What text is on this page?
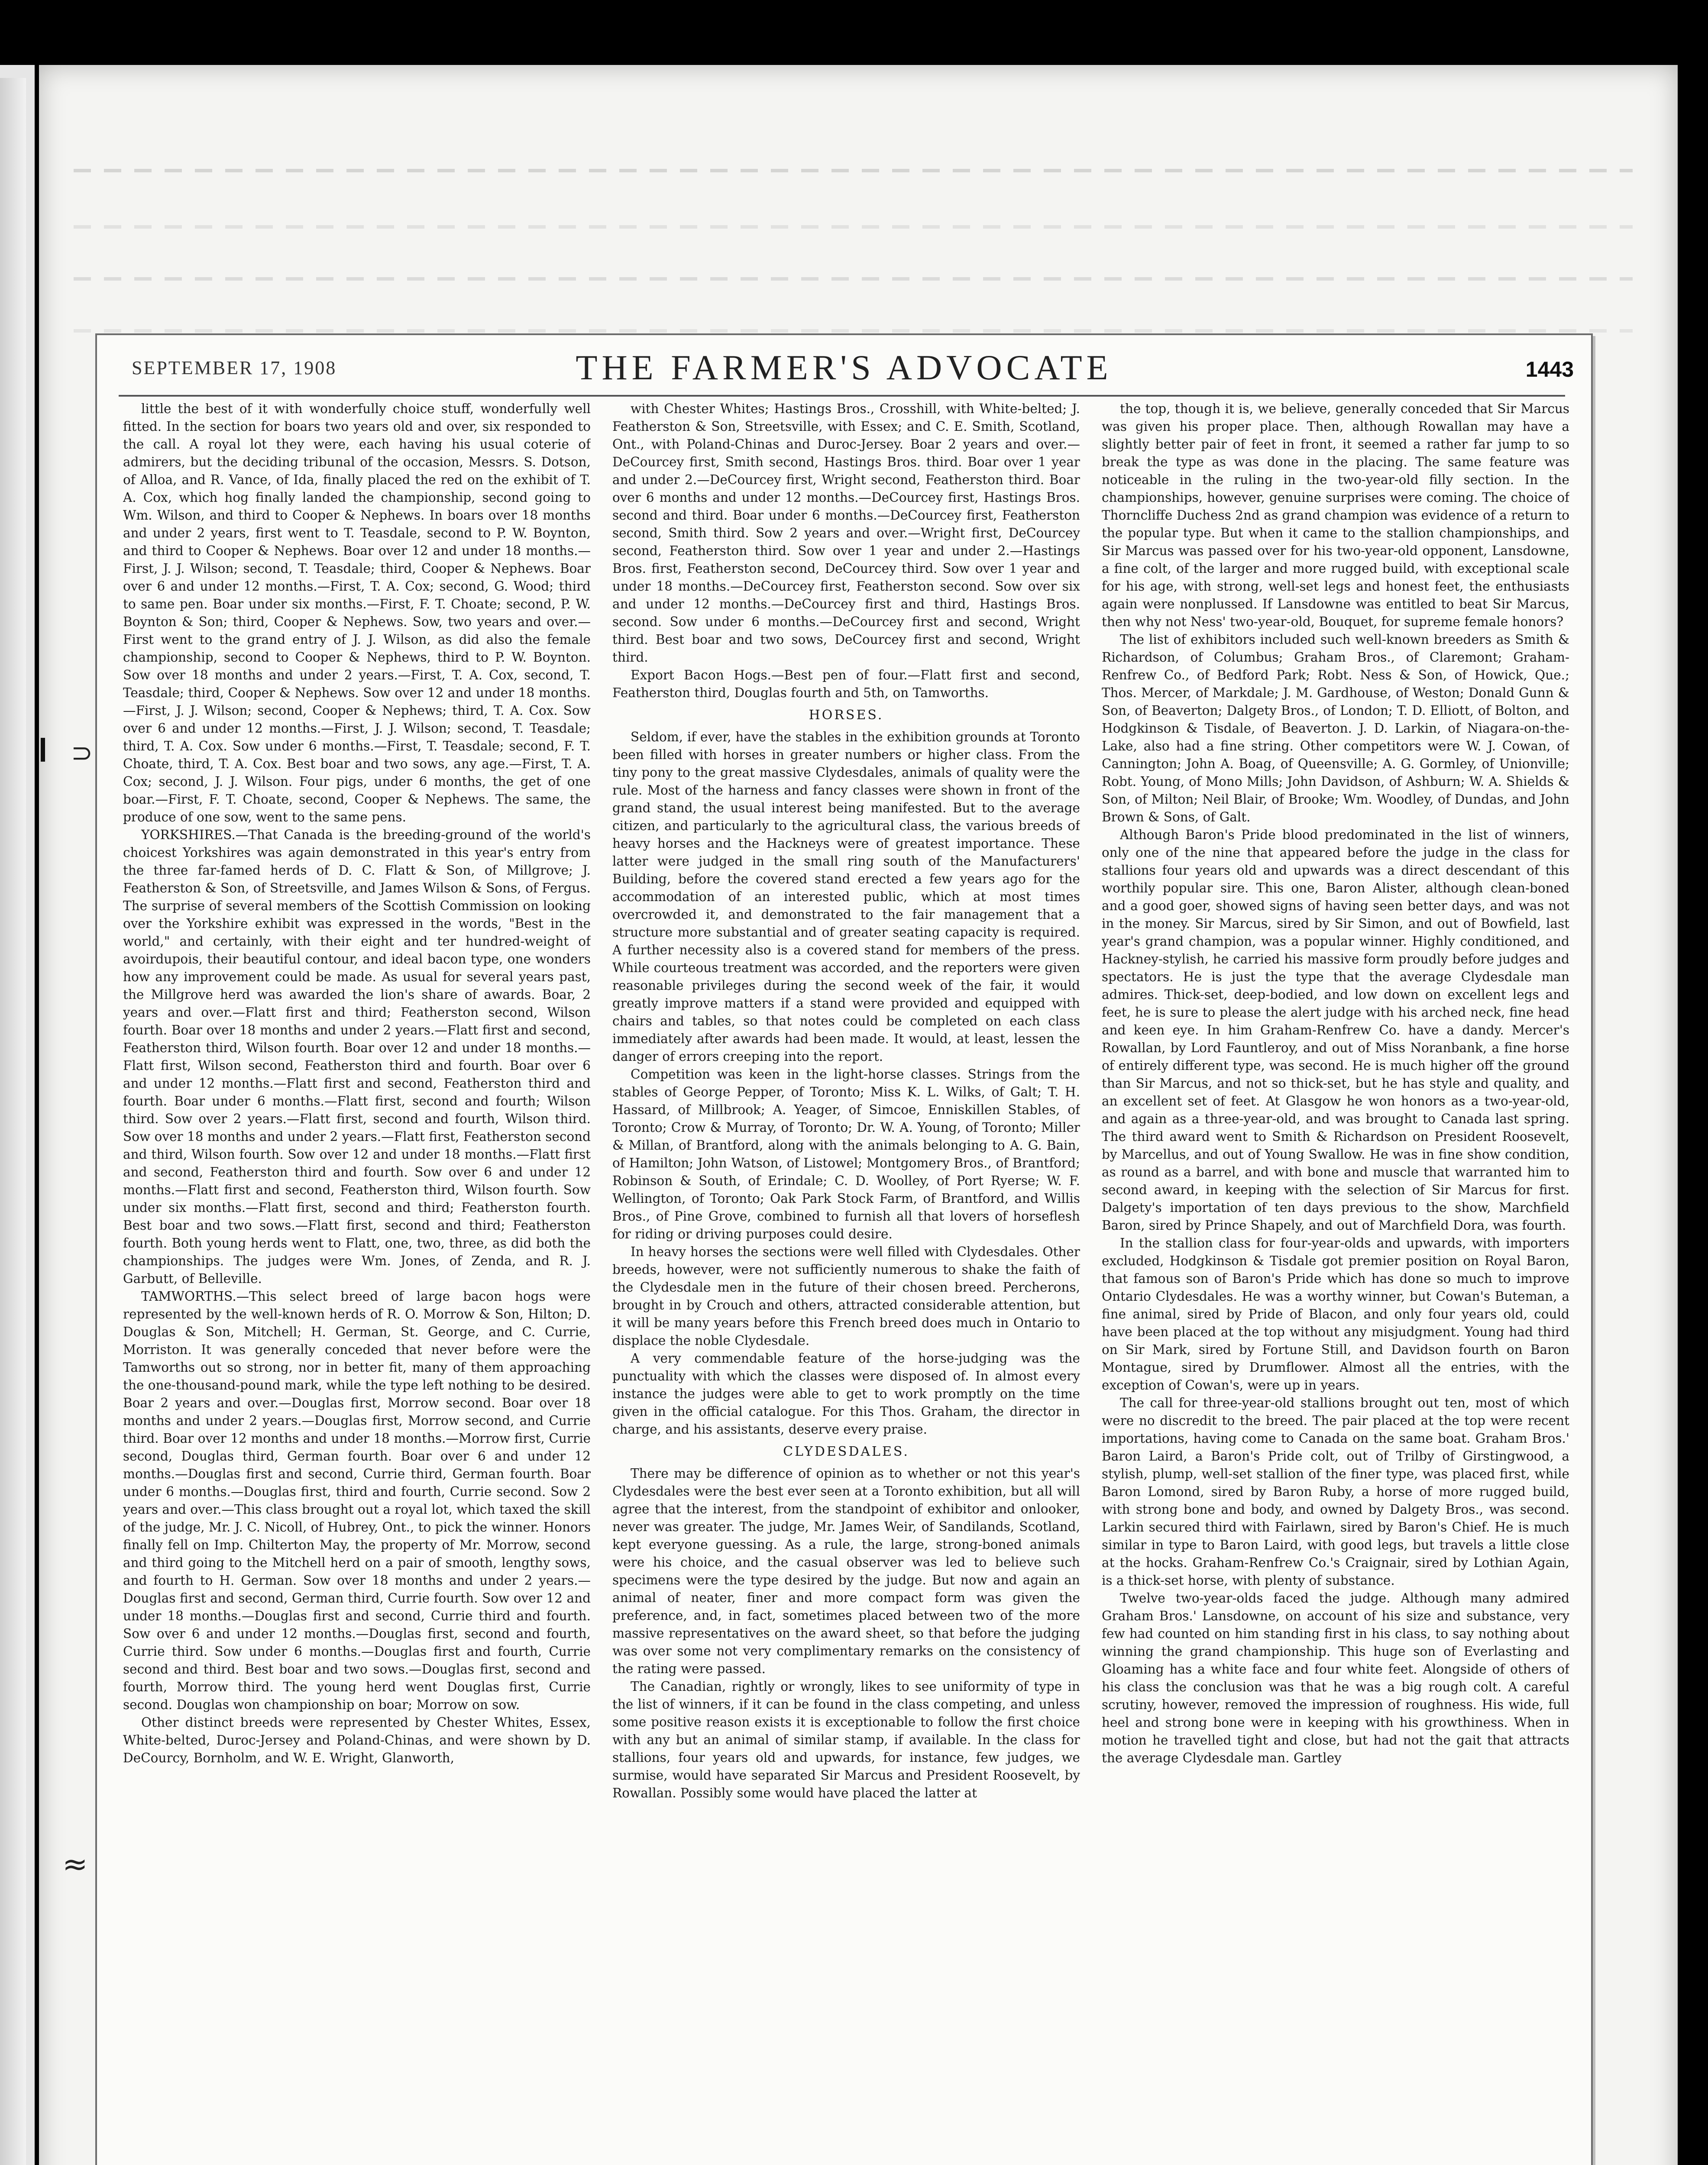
⊃
≈
SEPTEMBER 17, 1908	THE FARMER'S ADVOCATE	1443

little the best of it with wonderfully choice stuff, wonderfully well fitted. In the section for boars two years old and over, six responded to the call. A royal lot they were, each having his usual coterie of admirers, but the deciding tribunal of the occasion, Messrs. S. Dotson, of Alloa, and R. Vance, of Ida, finally placed the red on the exhibit of T. A. Cox, which hog finally landed the championship, second going to Wm. Wilson, and third to Cooper & Nephews. In boars over 18 months and under 2 years, first went to T. Teasdale, second to P. W. Boynton, and third to Cooper & Nephews. Boar over 12 and under 18 months.—First, J. J. Wilson; second, T. Teasdale; third, Cooper & Nephews. Boar over 6 and under 12 months.—First, T. A. Cox; second, G. Wood; third to same pen. Boar under six months.—First, F. T. Choate; second, P. W. Boynton & Son; third, Cooper & Nephews. Sow, two years and over.—First went to the grand entry of J. J. Wilson, as did also the female championship, second to Cooper & Nephews, third to P. W. Boynton. Sow over 18 months and under 2 years.—First, T. A. Cox, second, T. Teasdale; third, Cooper & Nephews. Sow over 12 and under 18 months.—First, J. J. Wilson; second, Cooper & Nephews; third, T. A. Cox. Sow over 6 and under 12 months.—First, J. J. Wilson; second, T. Teasdale; third, T. A. Cox. Sow under 6 months.—First, T. Teasdale; second, F. T. Choate, third, T. A. Cox. Best boar and two sows, any age.—First, T. A. Cox; second, J. J. Wilson. Four pigs, under 6 months, the get of one boar.—First, F. T. Choate, second, Cooper & Nephews. The same, the produce of one sow, went to the same pens.

YORKSHIRES.—That Canada is the breeding-ground of the world's choicest Yorkshires was again demonstrated in this year's entry from the three far-famed herds of D. C. Flatt & Son, of Millgrove; J. Featherston & Son, of Streetsville, and James Wilson & Sons, of Fergus. The surprise of several members of the Scottish Commission on looking over the Yorkshire exhibit was expressed in the words, "Best in the world," and certainly, with their eight and ter hundred-weight of avoirdupois, their beautiful contour, and ideal bacon type, one wonders how any improvement could be made. As usual for several years past, the Millgrove herd was awarded the lion's share of awards. Boar, 2 years and over.—Flatt first and third; Featherston second, Wilson fourth. Boar over 18 months and under 2 years.—Flatt first and second, Featherston third, Wilson fourth. Boar over 12 and under 18 months.—Flatt first, Wilson second, Featherston third and fourth. Boar over 6 and under 12 months.—Flatt first and second, Featherston third and fourth. Boar under 6 months.—Flatt first, second and fourth; Wilson third. Sow over 2 years.—Flatt first, second and fourth, Wilson third. Sow over 18 months and under 2 years.—Flatt first, Featherston second and third, Wilson fourth. Sow over 12 and under 18 months.—Flatt first and second, Featherston third and fourth. Sow over 6 and under 12 months.—Flatt first and second, Featherston third, Wilson fourth. Sow under six months.—Flatt first, second and third; Featherston fourth. Best boar and two sows.—Flatt first, second and third; Featherston fourth. Both young herds went to Flatt, one, two, three, as did both the championships. The judges were Wm. Jones, of Zenda, and R. J. Garbutt, of Belleville.

TAMWORTHS.—This select breed of large bacon hogs were represented by the well-known herds of R. O. Morrow & Son, Hilton; D. Douglas & Son, Mitchell; H. German, St. George, and C. Currie, Morriston. It was generally conceded that never before were the Tamworths out so strong, nor in better fit, many of them approaching the one-thousand-pound mark, while the type left nothing to be desired. Boar 2 years and over.—Douglas first, Morrow second. Boar over 18 months and under 2 years.—Douglas first, Morrow second, and Currie third. Boar over 12 months and under 18 months.—Morrow first, Currie second, Douglas third, German fourth. Boar over 6 and under 12 months.—Douglas first and second, Currie third, German fourth. Boar under 6 months.—Douglas first, third and fourth, Currie second. Sow 2 years and over.—This class brought out a royal lot, which taxed the skill of the judge, Mr. J. C. Nicoll, of Hubrey, Ont., to pick the winner. Honors finally fell on Imp. Chilterton May, the property of Mr. Morrow, second and third going to the Mitchell herd on a pair of smooth, lengthy sows, and fourth to H. German. Sow over 18 months and under 2 years.—Douglas first and second, German third, Currie fourth. Sow over 12 and under 18 months.—Douglas first and second, Currie third and fourth. Sow over 6 and under 12 months.—Douglas first, second and fourth, Currie third. Sow under 6 months.—Douglas first and fourth, Currie second and third. Best boar and two sows.—Douglas first, second and fourth, Morrow third. The young herd went Douglas first, Currie second. Douglas won championship on boar; Morrow on sow.

Other distinct breeds were represented by Chester Whites, Essex, White-belted, Duroc-Jersey and Poland-Chinas, and were shown by D. DeCourcy, Bornholm, and W. E. Wright, Glanworth,

with Chester Whites; Hastings Bros., Crosshill, with White-belted; J. Featherston & Son, Streetsville, with Essex; and C. E. Smith, Scotland, Ont., with Poland-Chinas and Duroc-Jersey. Boar 2 years and over.—DeCourcey first, Smith second, Hastings Bros. third. Boar over 1 year and under 2.—DeCourcey first, Wright second, Featherston third. Boar over 6 months and under 12 months.—DeCourcey first, Hastings Bros. second and third. Boar under 6 months.—DeCourcey first, Featherston second, Smith third. Sow 2 years and over.—Wright first, DeCourcey second, Featherston third. Sow over 1 year and under 2.—Hastings Bros. first, Featherston second, DeCourcey third. Sow over 1 year and under 18 months.—DeCourcey first, Featherston second. Sow over six and under 12 months.—DeCourcey first and third, Hastings Bros. second. Sow under 6 months.—DeCourcey first and second, Wright third. Best boar and two sows, DeCourcey first and second, Wright third.

Export Bacon Hogs.—Best pen of four.—Flatt first and second, Featherston third, Douglas fourth and 5th, on Tamworths.

HORSES.

Seldom, if ever, have the stables in the exhibition grounds at Toronto been filled with horses in greater numbers or higher class. From the tiny pony to the great massive Clydesdales, animals of quality were the rule. Most of the harness and fancy classes were shown in front of the grand stand, the usual interest being manifested. But to the average citizen, and particularly to the agricultural class, the various breeds of heavy horses and the Hackneys were of greatest importance. These latter were judged in the small ring south of the Manufacturers' Building, before the covered stand erected a few years ago for the accommodation of an interested public, which at most times overcrowded it, and demonstrated to the fair management that a structure more substantial and of greater seating capacity is required. A further necessity also is a covered stand for members of the press. While courteous treatment was accorded, and the reporters were given reasonable privileges during the second week of the fair, it would greatly improve matters if a stand were provided and equipped with chairs and tables, so that notes could be completed on each class immediately after awards had been made. It would, at least, lessen the danger of errors creeping into the report.

Competition was keen in the light-horse classes. Strings from the stables of George Pepper, of Toronto; Miss K. L. Wilks, of Galt; T. H. Hassard, of Millbrook; A. Yeager, of Simcoe, Enniskillen Stables, of Toronto; Crow & Murray, of Toronto; Dr. W. A. Young, of Toronto; Miller & Millan, of Brantford, along with the animals belonging to A. G. Bain, of Hamilton; John Watson, of Listowel; Montgomery Bros., of Brantford; Robinson & South, of Erindale; C. D. Woolley, of Port Ryerse; W. F. Wellington, of Toronto; Oak Park Stock Farm, of Brantford, and Willis Bros., of Pine Grove, combined to furnish all that lovers of horseflesh for riding or driving purposes could desire.

In heavy horses the sections were well filled with Clydesdales. Other breeds, however, were not sufficiently numerous to shake the faith of the Clydesdale men in the future of their chosen breed. Percherons, brought in by Crouch and others, attracted considerable attention, but it will be many years before this French breed does much in Ontario to displace the noble Clydesdale.

A very commendable feature of the horse-judging was the punctuality with which the classes were disposed of. In almost every instance the judges were able to get to work promptly on the time given in the official catalogue. For this Thos. Graham, the director in charge, and his assistants, deserve every praise.

CLYDESDALES.

There may be difference of opinion as to whether or not this year's Clydesdales were the best ever seen at a Toronto exhibition, but all will agree that the interest, from the standpoint of exhibitor and onlooker, never was greater. The judge, Mr. James Weir, of Sandilands, Scotland, kept everyone guessing. As a rule, the large, strong-boned animals were his choice, and the casual observer was led to believe such specimens were the type desired by the judge. But now and again an animal of neater, finer and more compact form was given the preference, and, in fact, sometimes placed between two of the more massive representatives on the award sheet, so that before the judging was over some not very complimentary remarks on the consistency of the rating were passed.

The Canadian, rightly or wrongly, likes to see uniformity of type in the list of winners, if it can be found in the class competing, and unless some positive reason exists it is exceptionable to follow the first choice with any but an animal of similar stamp, if available. In the class for stallions, four years old and upwards, for instance, few judges, we surmise, would have separated Sir Marcus and President Roosevelt, by Rowallan. Possibly some would have placed the latter at

the top, though it is, we believe, generally conceded that Sir Marcus was given his proper place. Then, although Rowallan may have a slightly better pair of feet in front, it seemed a rather far jump to so break the type as was done in the placing. The same feature was noticeable in the ruling in the two-year-old filly section. In the championships, however, genuine surprises were coming. The choice of Thorncliffe Duchess 2nd as grand champion was evidence of a return to the popular type. But when it came to the stallion championships, and Sir Marcus was passed over for his two-year-old opponent, Lansdowne, a fine colt, of the larger and more rugged build, with exceptional scale for his age, with strong, well-set legs and honest feet, the enthusiasts again were nonplussed. If Lansdowne was entitled to beat Sir Marcus, then why not Ness' two-year-old, Bouquet, for supreme female honors?

The list of exhibitors included such well-known breeders as Smith & Richardson, of Columbus; Graham Bros., of Claremont; Graham-Renfrew Co., of Bedford Park; Robt. Ness & Son, of Howick, Que.; Thos. Mercer, of Markdale; J. M. Gardhouse, of Weston; Donald Gunn & Son, of Beaverton; Dalgety Bros., of London; T. D. Elliott, of Bolton, and Hodgkinson & Tisdale, of Beaverton. J. D. Larkin, of Niagara-on-the-Lake, also had a fine string. Other competitors were W. J. Cowan, of Cannington; John A. Boag, of Queensville; A. G. Gormley, of Unionville; Robt. Young, of Mono Mills; John Davidson, of Ashburn; W. A. Shields & Son, of Milton; Neil Blair, of Brooke; Wm. Woodley, of Dundas, and John Brown & Sons, of Galt.

Although Baron's Pride blood predominated in the list of winners, only one of the nine that appeared before the judge in the class for stallions four years old and upwards was a direct descendant of this worthily popular sire. This one, Baron Alister, although clean-boned and a good goer, showed signs of having seen better days, and was not in the money. Sir Marcus, sired by Sir Simon, and out of Bowfield, last year's grand champion, was a popular winner. Highly conditioned, and Hackney-stylish, he carried his massive form proudly before judges and spectators. He is just the type that the average Clydesdale man admires. Thick-set, deep-bodied, and low down on excellent legs and feet, he is sure to please the alert judge with his arched neck, fine head and keen eye. In him Graham-Renfrew Co. have a dandy. Mercer's Rowallan, by Lord Fauntleroy, and out of Miss Noranbank, a fine horse of entirely different type, was second. He is much higher off the ground than Sir Marcus, and not so thick-set, but he has style and quality, and an excellent set of feet. At Glasgow he won honors as a two-year-old, and again as a three-year-old, and was brought to Canada last spring. The third award went to Smith & Richardson on President Roosevelt, by Marcellus, and out of Young Swallow. He was in fine show condition, as round as a barrel, and with bone and muscle that warranted him to second award, in keeping with the selection of Sir Marcus for first. Dalgety's importation of ten days previous to the show, Marchfield Baron, sired by Prince Shapely, and out of Marchfield Dora, was fourth.

In the stallion class for four-year-olds and upwards, with importers excluded, Hodgkinson & Tisdale got premier position on Royal Baron, that famous son of Baron's Pride which has done so much to improve Ontario Clydesdales. He was a worthy winner, but Cowan's Buteman, a fine animal, sired by Pride of Blacon, and only four years old, could have been placed at the top without any misjudgment. Young had third on Sir Mark, sired by Fortune Still, and Davidson fourth on Baron Montague, sired by Drumflower. Almost all the entries, with the exception of Cowan's, were up in years.

The call for three-year-old stallions brought out ten, most of which were no discredit to the breed. The pair placed at the top were recent importations, having come to Canada on the same boat. Graham Bros.' Baron Laird, a Baron's Pride colt, out of Trilby of Girstingwood, a stylish, plump, well-set stallion of the finer type, was placed first, while Baron Lomond, sired by Baron Ruby, a horse of more rugged build, with strong bone and body, and owned by Dalgety Bros., was second. Larkin secured third with Fairlawn, sired by Baron's Chief. He is much similar in type to Baron Laird, with good legs, but travels a little close at the hocks. Graham-Renfrew Co.'s Craignair, sired by Lothian Again, is a thick-set horse, with plenty of substance.

Twelve two-year-olds faced the judge. Although many admired Graham Bros.' Lansdowne, on account of his size and substance, very few had counted on him standing first in his class, to say nothing about winning the grand championship. This huge son of Everlasting and Gloaming has a white face and four white feet. Alongside of others of his class the conclusion was that he was a big rough colt. A careful scrutiny, however, removed the impression of roughness. His wide, full heel and strong bone were in keeping with his growthiness. When in motion he travelled tight and close, but had not the gait that attracts the average Clydesdale man. Gartley
